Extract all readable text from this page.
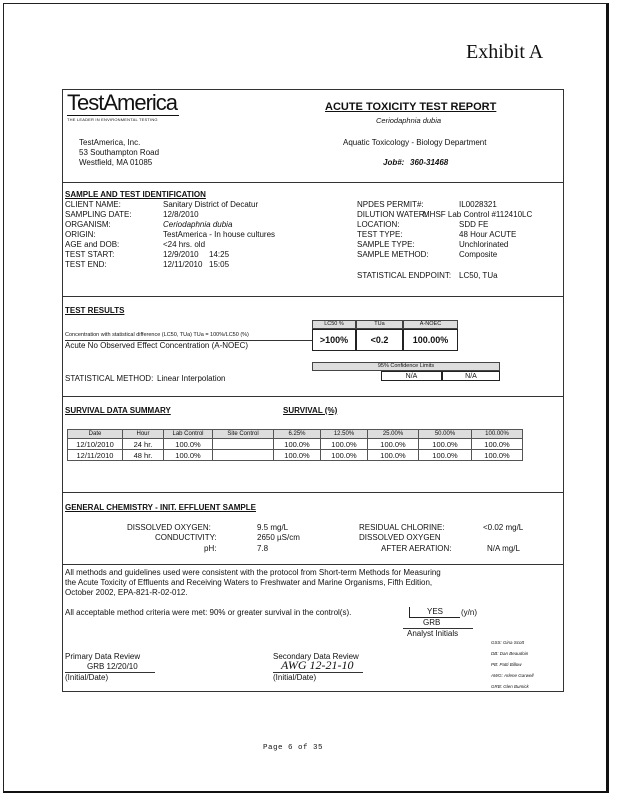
Exhibit A
TestAmerica
THE LEADER IN ENVIRONMENTAL TESTING
ACUTE TOXICITY TEST REPORT
Ceriodaphnia dubia
TestAmerica, Inc.
53 Southampton Road
Westfield, MA 01085
Aquatic Toxicology - Biology Department
Job#: 360-31468
SAMPLE AND TEST IDENTIFICATION
CLIENT NAME:	Sanitary District of Decatur
SAMPLING DATE:	12/8/2010
ORGANISM:	Ceriodaphnia dubia
ORIGIN:	TestAmerica - In house cultures
AGE and DOB:	<24 hrs. old
TEST START:	12/9/2010 14:25
TEST END:	12/11/2010 15:05
NPDES PERMIT#:	IL0028321
DILUTION WATER:
MHSF Lab Control #112410LC
LOCATION:	SDD FE
TEST TYPE:	48 Hour ACUTE
SAMPLE TYPE:	Unchlorinated
SAMPLE METHOD:	Composite
STATISTICAL ENDPOINT: LC50, TUa
TEST RESULTS
LC50 %	TUa	A-NOEC
Concentration with statistical difference (LC50, TUa) TUa = 100%/LC50 (%)
Acute No Observed Effect Concentration (A-NOEC)
>100%	<0.2	100.00%
95% Confidence Limits
N/A	N/A
STATISTICAL METHOD: Linear Interpolation
SURVIVAL DATA SUMMARY	SURVIVAL (%)
Date	Hour	Lab Control	Site Control	6.25%	12.50%	25.00%	50.00%	100.00%
12/10/2010	24 hr.	100.0%		100.0%	100.0%	100.0%	100.0%	100.0%
12/11/2010	48 hr.	100.0%		100.0%	100.0%	100.0%	100.0%	100.0%
GENERAL CHEMISTRY - INIT. EFFLUENT SAMPLE
DISSOLVED OXYGEN:	9.5 mg/L
CONDUCTIVITY:	2650 µS/cm
pH:	7.8
RESIDUAL CHLORINE:	<0.02 mg/L
DISSOLVED OXYGEN
AFTER AERATION:	N/A mg/L
All methods and guidelines used were consistent with the protocol from Short-term Methods for Measuring
the Acute Toxicity of Effluents and Receiving Waters to Freshwater and Marine Organisms, Fifth Edition,
October 2002, EPA-821-R-02-012.
All acceptable method criteria were met: 90% or greater survival in the control(s).	YES	(y/n)
GRB
Analyst Initials
Primary Data Review
GRB 12/20/10
(Initial/Date)
Secondary Data Review
AWG 12-21-10
(Initial/Date)
GSS: Gina Scott
DB: Dan Beaudoin
PB: Patti Billow
AWG: Arlene Garwell
GRB: Glen Bumick
Page 6 of 35
